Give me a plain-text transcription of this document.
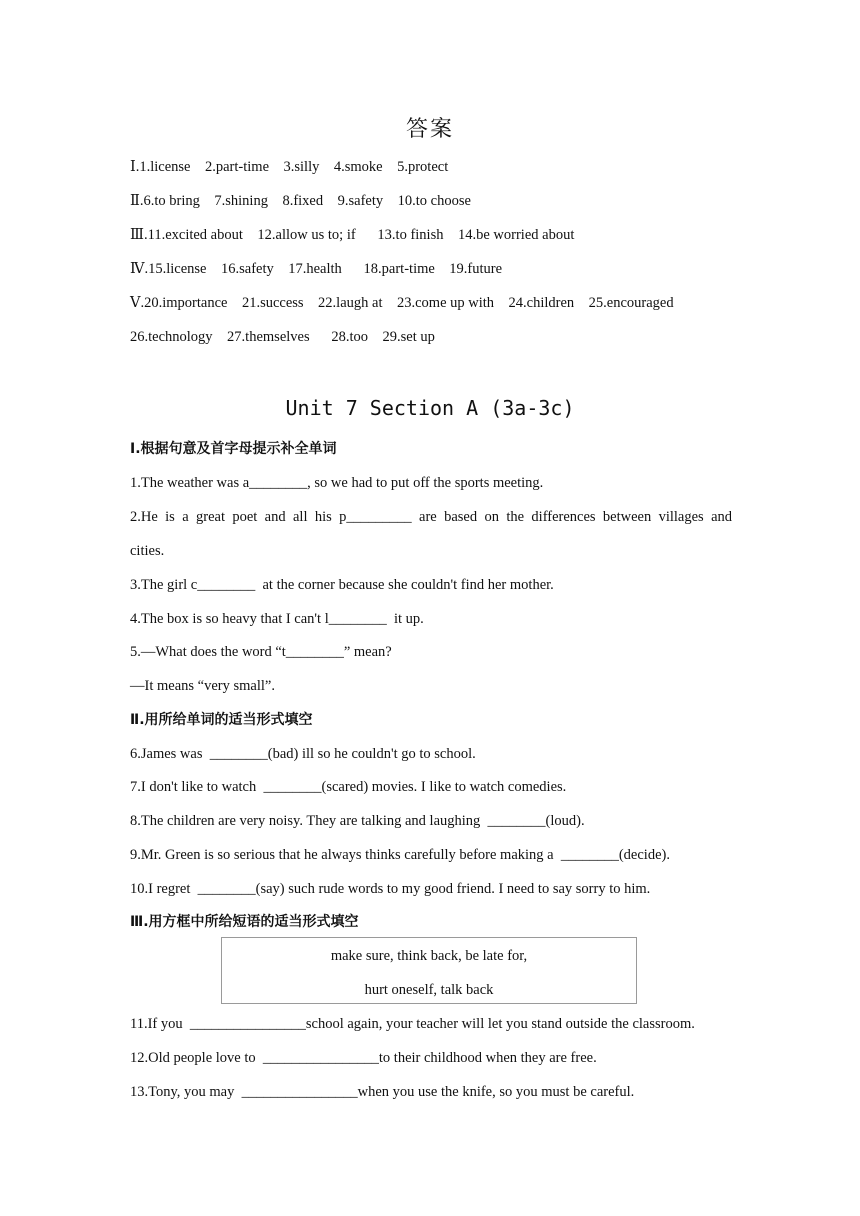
答案
Ⅰ.1.license    2.part-time    3.silly    4.smoke    5.protect
Ⅱ.6.to bring    7.shining    8.fixed    9.safety    10.to choose
Ⅲ.11.excited about    12.allow us to; if      13.to finish    14.be worried about
Ⅳ.15.license    16.safety    17.health      18.part-time    19.future
Ⅴ.20.importance    21.success    22.laugh at    23.come up with    24.children    25.encouraged
26.technology    27.themselves      28.too    29.set up
Unit 7 Section A (3a-3c)
Ⅰ.根据句意及首字母提示补全单词
1.The weather was a________, so we had to put off the sports meeting.
2.He is a great poet and all his p_________ are based on the differences between villages and
cities.
3.The girl c________  at the corner because she couldn't find her mother.
4.The box is so heavy that I can't l________  it up.
5.—What does the word “t________” mean?
—It means “very small”.
Ⅱ.用所给单词的适当形式填空
6.James was  ________(bad) ill so he couldn't go to school.
7.I don't like to watch  ________(scared) movies. I like to watch comedies.
8.The children are very noisy. They are talking and laughing  ________(loud).
9.Mr. Green is so serious that he always thinks carefully before making a  ________(decide).
10.I regret  ________(say) such rude words to my good friend. I need to say sorry to him.
Ⅲ.用方框中所给短语的适当形式填空
make sure, think back, be late for,
hurt oneself, talk back
11.If you  ________________school again, your teacher will let you stand outside the classroom.
12.Old people love to  ________________to their childhood when they are free.
13.Tony, you may  ________________when you use the knife, so you must be careful.
